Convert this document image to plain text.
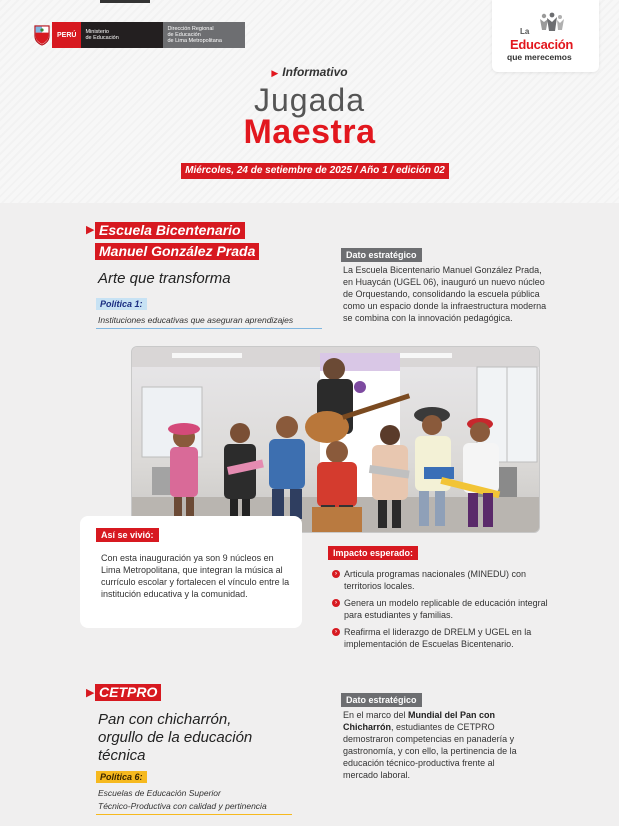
PERÚ	Ministerio
de Educación
Dirección Regional
de Educación
de Lima Metropolitana
La
Educación
que merecemos
▶ Informativo
Jugada
Maestra
Miércoles, 24 de setiembre de 2025 / Año 1 / edición 02
▶ Escuela Bicentenario
Manuel González Prada
Arte que transforma
Política 1:
Instituciones educativas que aseguran aprendizajes
Dato estratégico
La Escuela Bicentenario Manuel González Prada, en Huaycán (UGEL 06), inauguró un nuevo núcleo de Orquestando, consolidando la escuela pública como un espacio donde la infraestructura moderna se combina con la innovación pedagógica.
Así se vivió:
Con esta inauguración ya son 9 núcleos en Lima Metropolitana, que integran la música al currículo escolar y fortalecen el vínculo entre la institución educativa y la comunidad.
Impacto esperado:
› Articula programas nacionales (MINEDU) con territorios locales.
› Genera un modelo replicable de educación integral para estudiantes y familias.
› Reafirma el liderazgo de DRELM y UGEL en la implementación de Escuelas Bicentenario.
▶ CETPRO
Pan con chicharrón,
orgullo de la educación
técnica
Política 6:
Escuelas de Educación Superior
Técnico-Productiva con calidad y pertinencia
Dato estratégico
En el marco del Mundial del Pan con Chicharrón, estudiantes de CETPRO demostraron competencias en panadería y gastronomía, y con ello, la pertinencia de la educación técnico-productiva frente al mercado laboral.
